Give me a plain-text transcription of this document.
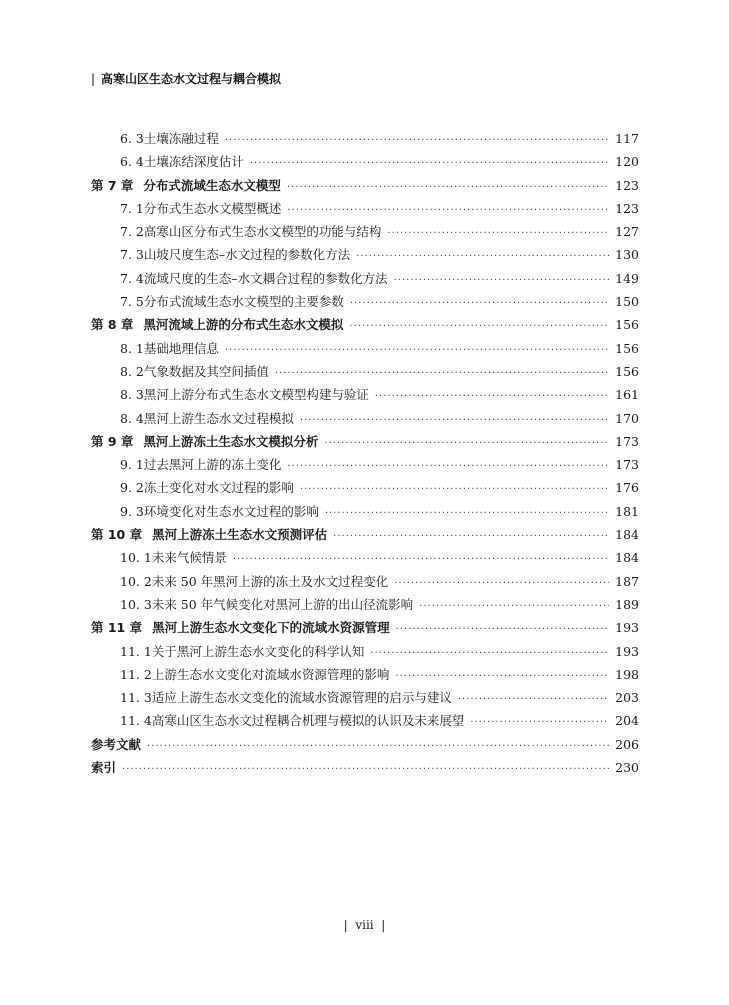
| 高寒山区生态水文过程与耦合模拟
6. 3 土壤冻融过程 ·····	117
6. 4 土壤冻结深度估计 ·····	120
第 7 章 分布式流域生态水文模型 ·····	123
7. 1 分布式生态水文模型概述 ·····	123
7. 2 高寒山区分布式生态水文模型的功能与结构 ·····	127
7. 3 山坡尺度生态–水文过程的参数化方法 ·····	130
7. 4 流域尺度的生态–水文耦合过程的参数化方法 ·····	149
7. 5 分布式流域生态水文模型的主要参数 ·····	150
第 8 章 黑河流域上游的分布式生态水文模拟 ·····	156
8. 1 基础地理信息 ·····	156
8. 2 气象数据及其空间插值 ·····	156
8. 3 黑河上游分布式生态水文模型构建与验证 ·····	161
8. 4 黑河上游生态水文过程模拟 ·····	170
第 9 章 黑河上游冻土生态水文模拟分析 ·····	173
9. 1 过去黑河上游的冻土变化 ·····	173
9. 2 冻土变化对水文过程的影响 ·····	176
9. 3 环境变化对生态水文过程的影响 ·····	181
第 10 章 黑河上游冻土生态水文预测评估 ·····	184
10. 1 未来气候情景 ·····	184
10. 2 未来 50 年黑河上游的冻土及水文过程变化 ·····	187
10. 3 未来 50 年气候变化对黑河上游的出山径流影响 ·····	189
第 11 章 黑河上游生态水文变化下的流域水资源管理 ·····	193
11. 1 关于黑河上游生态水文变化的科学认知 ·····	193
11. 2 上游生态水文变化对流域水资源管理的影响 ·····	198
11. 3 适应上游生态水文变化的流域水资源管理的启示与建议 ·····	203
11. 4 高寒山区生态水文过程耦合机理与模拟的认识及未来展望 ·····	204
参考文献 ·····	206
索引 ·····	230
| viii |
